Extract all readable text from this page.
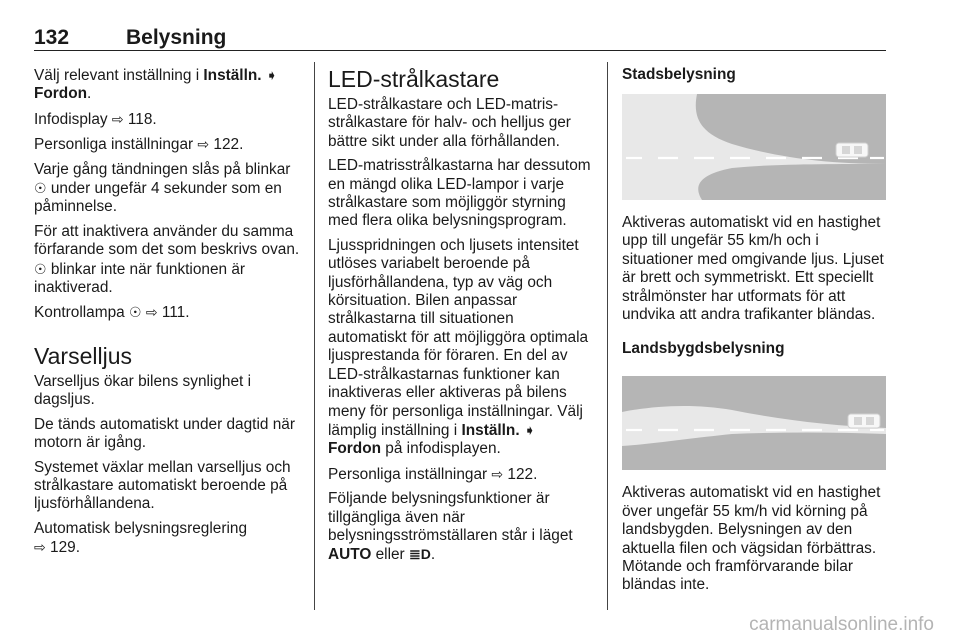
132	Belysning

Välj relevant inställning i Inställn. ➧
Fordon.

Infodisplay ⇨ 118.

Personliga inställningar ⇨ 122.

Varje gång tändningen slås på blinkar ☉ under ungefär 4 sekunder som en påminnelse.

För att inaktivera använder du samma förfarande som det som beskrivs ovan. ☉ blinkar inte när funktionen är inaktiverad.

Kontrollampa ☉ ⇨ 111.

Varselljus

Varselljus ökar bilens synlighet i dagsljus.

De tänds automatiskt under dagtid när motorn är igång.

Systemet växlar mellan varselljus och strålkastare automatiskt beroende på ljusförhållandena.

Automatisk belysningsreglering
⇨ 129.

LED-strålkastare

LED-strålkastare och LED-matris-strålkastare för halv- och helljus ger bättre sikt under alla förhållanden.

LED-matrisstrålkastarna har dessutom en mängd olika LED-lampor i varje strålkastare som möjliggör styrning med flera olika belysningsprogram.

Ljusspridningen och ljusets intensitet utlöses variabelt beroende på ljusförhållandena, typ av väg och körsituation. Bilen anpassar strålkastarna till situationen automatiskt för att möjliggöra optimala ljusprestanda för föraren. En del av LED-strålkastarnas funktioner kan inaktiveras eller aktiveras på bilens meny för personliga inställningar. Välj lämplig inställning i Inställn. ➧ Fordon på infodisplayen.

Personliga inställningar ⇨ 122.

Följande belysningsfunktioner är tillgängliga även när belysningsströmställaren står i läget AUTO eller ≣D.

Stadsbelysning

Aktiveras automatiskt vid en hastighet upp till ungefär 55 km/h och i situationer med omgivande ljus. Ljuset är brett och symmetriskt. Ett speciellt strålmönster har utformats för att undvika att andra trafikanter bländas.

Landsbygdsbelysning

Aktiveras automatiskt vid en hastighet över ungefär 55 km/h vid körning på landsbygden. Belysningen av den aktuella filen och vägsidan förbättras. Mötande och framförvarande bilar bländas inte.

carmanualsonline.info
